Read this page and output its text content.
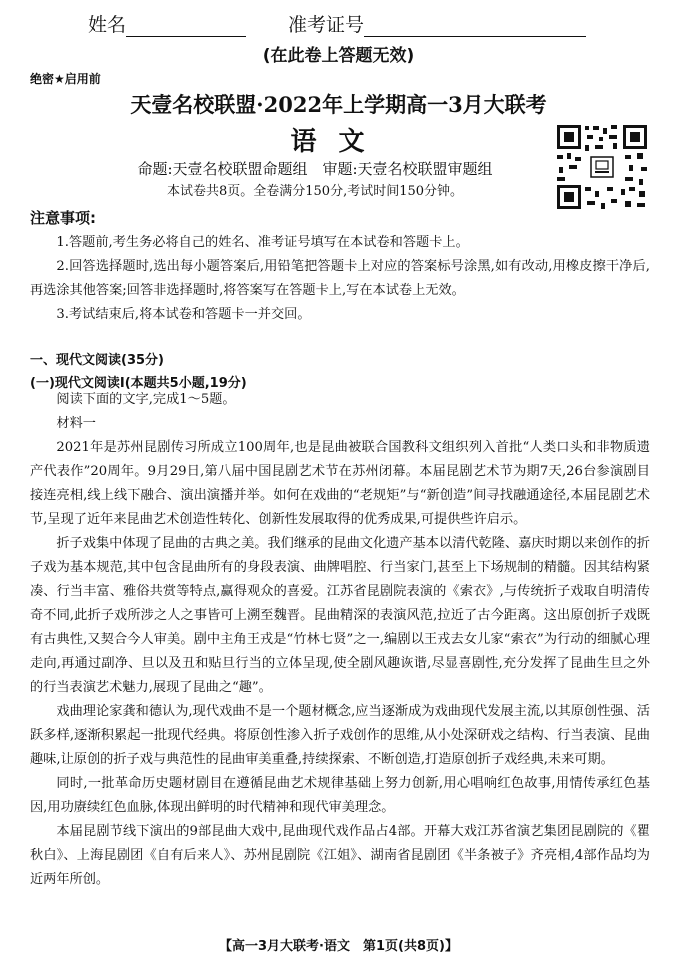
姓名	准考证号
(在此卷上答题无效)
绝密★启用前
天壹名校联盟·2022年上学期高一3月大联考
语文
命题:天壹名校联盟命题组　审题:天壹名校联盟审题组
本试卷共8页。全卷满分150分,考试时间150分钟。
注意事项:

1.答题前,考生务必将自己的姓名、准考证号填写在本试卷和答题卡上。

2.回答选择题时,选出每小题答案后,用铅笔把答题卡上对应的答案标号涂黑,如有改动,用橡皮擦干净后,再选涂其他答案;回答非选择题时,将答案写在答题卡上,写在本试卷上无效。

3.考试结束后,将本试卷和答题卡一并交回。

一、现代文阅读(35分)
(一)现代文阅读Ⅰ(本题共5小题,19分)

阅读下面的文字,完成1～5题。

材料一

2021年是苏州昆剧传习所成立100周年,也是昆曲被联合国教科文组织列入首批“人类口头和非物质遗产代表作”20周年。9月29日,第八届中国昆剧艺术节在苏州闭幕。本届昆剧艺术节为期7天,26台参演剧目接连亮相,线上线下融合、演出演播并举。如何在戏曲的“老规矩”与“新创造”间寻找融通途径,本届昆剧艺术节,呈现了近年来昆曲艺术创造性转化、创新性发展取得的优秀成果,可提供些许启示。

折子戏集中体现了昆曲的古典之美。我们继承的昆曲文化遗产基本以清代乾隆、嘉庆时期以来创作的折子戏为基本规范,其中包含昆曲所有的身段表演、曲牌唱腔、行当家门,甚至上下场规制的精髓。因其结构紧凑、行当丰富、雅俗共赏等特点,赢得观众的喜爱。江苏省昆剧院表演的《索衣》,与传统折子戏取自明清传奇不同,此折子戏所涉之人之事皆可上溯至魏晋。昆曲精深的表演风范,拉近了古今距离。这出原创折子戏既有古典性,又契合今人审美。剧中主角王戎是“竹林七贤”之一,编剧以王戎去女儿家“索衣”为行动的细腻心理走向,再通过副净、旦以及丑和贴旦行当的立体呈现,使全剧风趣诙谐,尽显喜剧性,充分发挥了昆曲生旦之外的行当表演艺术魅力,展现了昆曲之“趣”。

戏曲理论家龚和德认为,现代戏曲不是一个题材概念,应当逐渐成为戏曲现代发展主流,以其原创性强、活跃多样,逐渐积累起一批现代经典。将原创性渗入折子戏创作的思维,从小处深研戏之结构、行当表演、昆曲趣味,让原创的折子戏与典范性的昆曲审美重叠,持续探索、不断创造,打造原创折子戏经典,未来可期。

同时,一批革命历史题材剧目在遵循昆曲艺术规律基础上努力创新,用心唱响红色故事,用情传承红色基因,用功赓续红色血脉,体现出鲜明的时代精神和现代审美理念。

本届昆剧节线下演出的9部昆曲大戏中,昆曲现代戏作品占4部。开幕大戏江苏省演艺集团昆剧院的《瞿秋白》、上海昆剧团《自有后来人》、苏州昆剧院《江姐》、湖南省昆剧团《半条被子》齐亮相,4部作品均为近两年所创。

【高一3月大联考·语文　第1页(共8页)】
